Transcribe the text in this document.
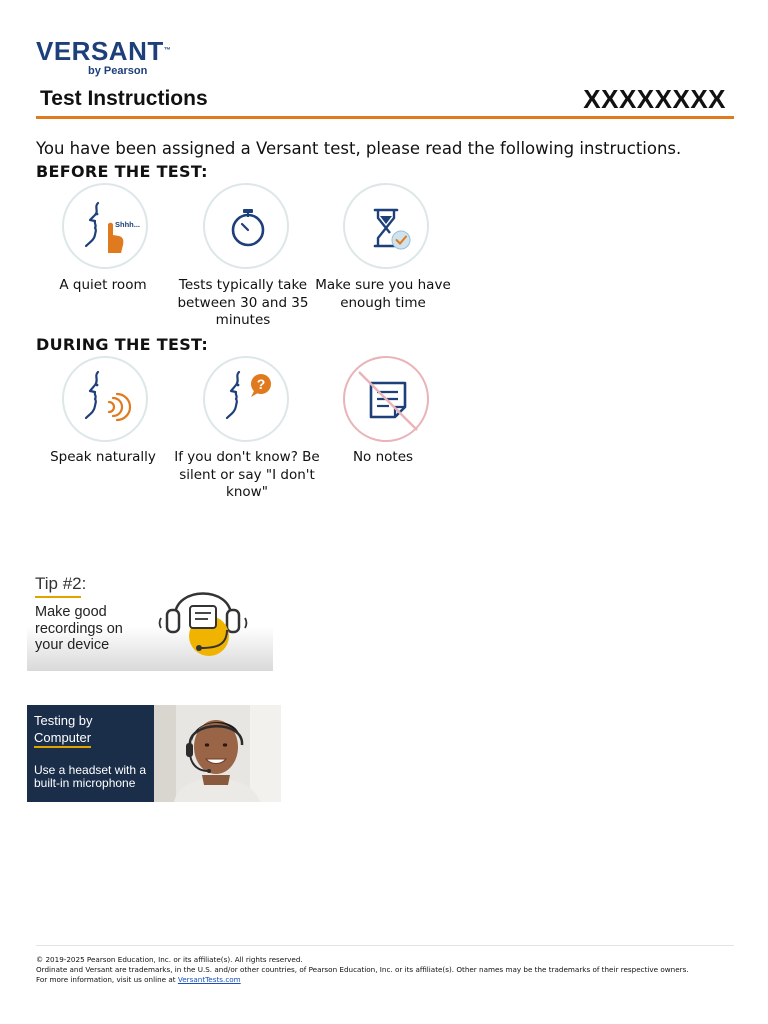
VERSANT™
by Pearson
Test Instructions	XXXXXXXX
You have been assigned a Versant test, please read the following instructions.
BEFORE THE TEST:
Shhh...
A quiet room	Tests typically take between 30 and 35 minutes
Make sure you have enough time
DURING THE TEST:
?
Speak naturally	If you don't know? Be silent or say "I don't know"
No notes
Tip #2:
Make good recordings on your device
Testing by
Computer
Use a headset with a built-in microphone
© 2019-2025 Pearson Education, Inc. or its affiliate(s). All rights reserved.
Ordinate and Versant are trademarks, in the U.S. and/or other countries, of Pearson Education, Inc. or its affiliate(s). Other names may be the trademarks of their respective owners.
For more information, visit us online at VersantTests.com
